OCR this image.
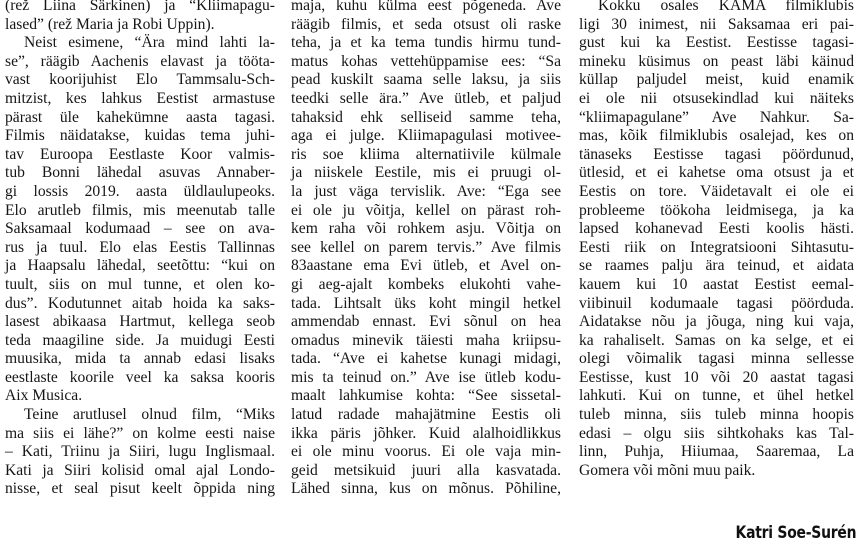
(rež Liina Särkinen) ja “Kliimapagu-
lased” (rež Maria ja Robi Uppin).
Neist esimene, “Ära mind lahti la-
se”, räägib Aachenis elavast ja tööta-
vast koorijuhist Elo Tammsalu-Sch-
mitzist, kes lahkus Eestist armastuse
pärast üle kahekümne aasta tagasi.
Filmis näidatakse, kuidas tema juhi-
tav Euroopa Eestlaste Koor valmis-
tub Bonni lähedal asuvas Annaber-
gi lossis 2019. aasta üldlaulupeoks.
Elo arutleb filmis, mis meenutab talle
Saksamaal kodumaad – see on ava-
rus ja tuul. Elo elas Eestis Tallinnas
ja Haapsalu lähedal, seetõttu: “kui on
tuult, siis on mul tunne, et olen ko-
dus”. Kodutunnet aitab hoida ka saks-
lasest abikaasa Hartmut, kellega seob
teda maagiline side. Ja muidugi Eesti
muusika, mida ta annab edasi lisaks
eestlaste koorile veel ka saksa kooris
Aix Musica.
Teine arutlusel olnud film, “Miks
ma siis ei lähe?” on kolme eesti naise
– Kati, Triinu ja Siiri, lugu Inglismaal.
Kati ja Siiri kolisid omal ajal Londo-
nisse, et seal pisut keelt õppida ning
maja, kuhu külma eest põgeneda. Ave
räägib filmis, et seda otsust oli raske
teha, ja et ka tema tundis hirmu tund-
matus kohas vettehüppamise ees: “Sa
pead kuskilt saama selle laksu, ja siis
teedki selle ära.” Ave ütleb, et paljud
tahaksid ehk selliseid samme teha,
aga ei julge. Kliimapagulasi motivee-
ris soe kliima alternatiivile külmale
ja niiskele Eestile, mis ei pruugi ol-
la just väga tervislik. Ave: “Ega see
ei ole ju võitja, kellel on pärast roh-
kem raha või rohkem asju. Võitja on
see kellel on parem tervis.” Ave filmis
83aastane ema Evi ütleb, et Avel on-
gi aeg-ajalt kombeks elukohti vahe-
tada. Lihtsalt üks koht mingil hetkel
ammendab ennast. Evi sõnul on hea
omadus minevik täiesti maha kriipsu-
tada. “Ave ei kahetse kunagi midagi,
mis ta teinud on.” Ave ise ütleb kodu-
maalt lahkumise kohta: “See sissetal-
latud radade mahajätmine Eestis oli
ikka päris jõhker. Kuid alalhoidlikkus
ei ole minu voorus. Ei ole vaja min-
geid metsikuid juuri alla kasvatada.
Lähed sinna, kus on mõnus. Põhiline,
Kokku osales KAMA filmiklubis
ligi 30 inimest, nii Saksamaa eri pai-
gust kui ka Eestist. Eestisse tagasi-
mineku küsimus on peast läbi käinud
küllap paljudel meist, kuid enamik
ei ole nii otsusekindlad kui näiteks
“kliimapagulane” Ave Nahkur. Sa-
mas, kõik filmiklubis osalejad, kes on
tänaseks Eestisse tagasi pöördunud,
ütlesid, et ei kahetse oma otsust ja et
Eestis on tore. Väidetavalt ei ole ei
probleeme töökoha leidmisega, ja ka
lapsed kohanevad Eesti koolis hästi.
Eesti riik on Integratsiooni Sihtasutu-
se raames palju ära teinud, et aidata
kauem kui 10 aastat Eestist eemal-
viibinuil kodumaale tagasi pöörduda.
Aidatakse nõu ja jõuga, ning kui vaja,
ka rahaliselt. Samas on ka selge, et ei
olegi võimalik tagasi minna sellesse
Eestisse, kust 10 või 20 aastat tagasi
lahkuti. Kui on tunne, et ühel hetkel
tuleb minna, siis tuleb minna hoopis
edasi – olgu siis sihtkohaks kas Tal-
linn, Puhja, Hiiumaa, Saaremaa, La
Gomera või mõni muu paik.
Katri Soe-Surén
